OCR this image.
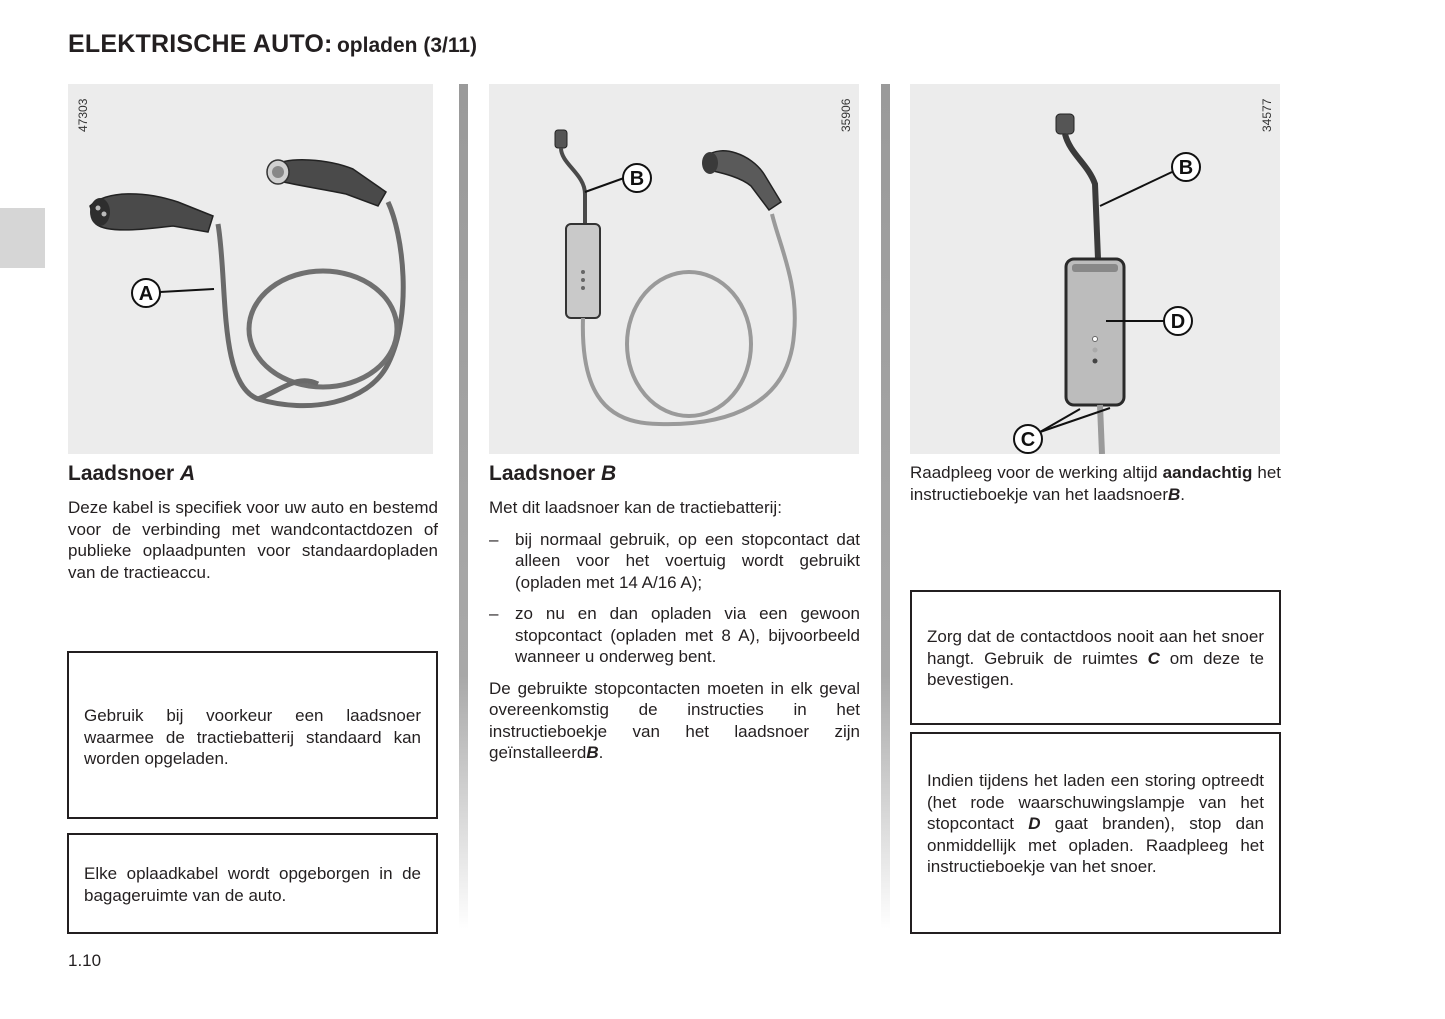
ELEKTRISCHE AUTO: opladen (3/11)
A
47303
B
35906
B
D
C
34577
Laadsnoer A
Deze kabel is specifiek voor uw auto en bestemd voor de verbinding met wandcontactdozen of publieke oplaadpunten voor standaardopladen van de tractieaccu.
Gebruik bij voorkeur een laadsnoer waarmee de tractiebatterij standaard kan worden opgeladen.
Elke oplaadkabel wordt opgeborgen in de bagageruimte van de auto.
Laadsnoer B
Met dit laadsnoer kan de tractiebatterij:
– bij normaal gebruik, op een stopcontact dat alleen voor het voertuig wordt gebruikt (opladen met 14 A/16 A);
– zo nu en dan opladen via een gewoon stopcontact (opladen met 8 A), bijvoorbeeld wanneer u onderweg bent.
De gebruikte stopcontacten moeten in elk geval overeenkomstig de instructies in het instructieboekje van het laadsnoer zijn geïnstalleerdB.
Raadpleeg voor de werking altijd aandachtig het instructieboekje van het laadsnoerB.
Zorg dat de contactdoos nooit aan het snoer hangt. Gebruik de ruimtes C om deze te bevestigen.
Indien tijdens het laden een storing optreedt (het rode waarschuwingslampje van het stopcontact D gaat branden), stop dan onmiddellijk met opladen. Raadpleeg het instructieboekje van het snoer.
1.10
